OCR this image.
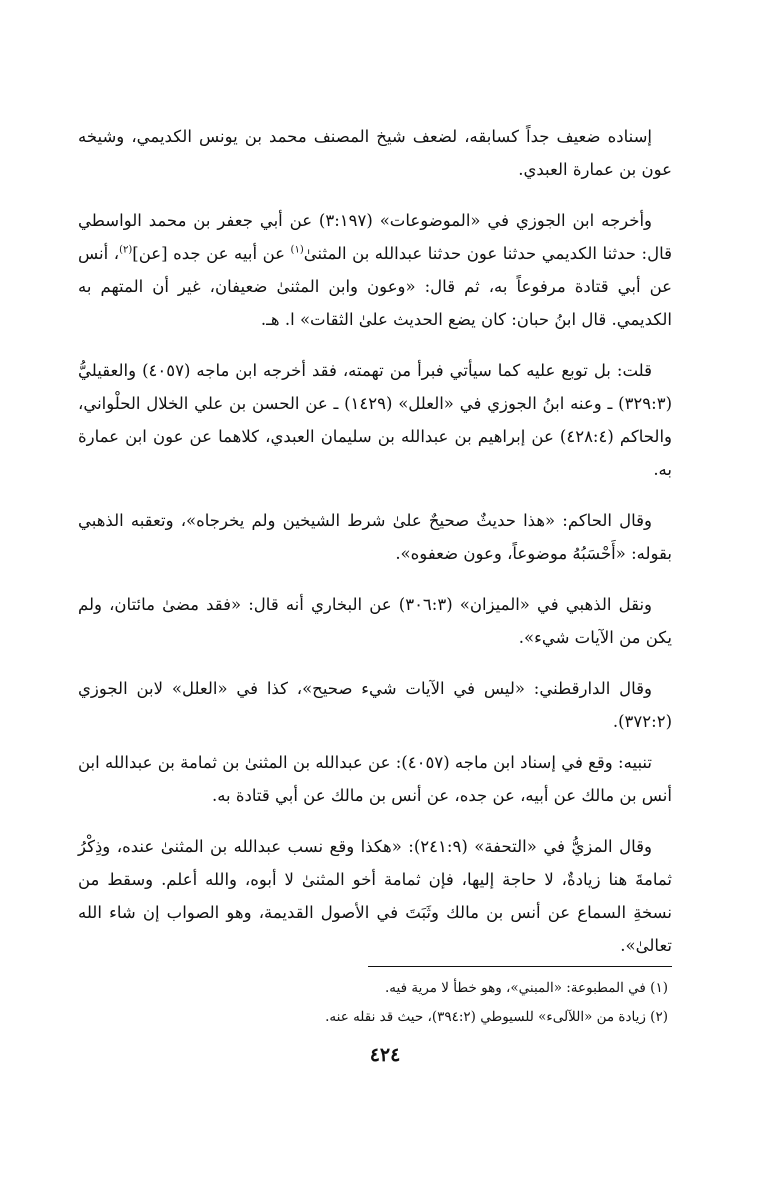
إسناده ضعيف جداً كسابقه، لضعف شيخ المصنف محمد بن يونس الكديمي، وشيخه عون بن عمارة العبدي.

وأخرجه ابن الجوزي في «الموضوعات» (٣:١٩٧) عن أبي جعفر بن محمد الواسطي قال: حدثنا الكديمي حدثنا عون حدثنا عبدالله بن المثنىٰ$^{(١)}$ عن أبيه عن جده [عن]$^{(٢)}$، أنس عن أبي قتادة مرفوعاً به، ثم قال: «وعون وابن المثنىٰ ضعيفان، غير أن المتهم به الكديمي. قال ابنُ حبان: كان يضع الحديث علىٰ الثقات» ا. هـ.

قلت: بل توبع عليه كما سيأتي فبرأ من تهمته، فقد أخرجه ابن ماجه (٤٠٥٧) والعقيليُّ (٣٢٩:٣) ـ وعنه ابنُ الجوزي في «العلل» (١٤٢٩) ـ عن الحسن بن علي الخلال الحلْواني، والحاكم (٤٢٨:٤) عن إبراهيم بن عبدالله بن سليمان العبدي، كلاهما عن عون ابن عمارة به.

وقال الحاكم: «هذا حديثٌ صحيحٌ علىٰ شرط الشيخين ولم يخرجاه»، وتعقبه الذهبي بقوله: «أَحْسَبُهُ موضوعاً، وعون ضعفوه».

ونقل الذهبي في «الميزان» (٣٠٦:٣) عن البخاري أنه قال: «فقد مضىٰ مائتان، ولم يكن من الآيات شيء».

وقال الدارقطني: «ليس في الآيات شيء صحيح»، كذا في «العلل» لابن الجوزي (٣٧٢:٢).

تنبيه: وقع في إسناد ابن ماجه (٤٠٥٧): عن عبدالله بن المثنىٰ بن ثمامة بن عبدالله ابن أنس بن مالك عن أبيه، عن جده، عن أنس بن مالك عن أبي قتادة به.

وقال المزيُّ في «التحفة» (٢٤١:٩): «هكذا وقع نسب عبدالله بن المثنىٰ عنده، وذِكْرُ ثمامةَ هنا زيادةٌ، لا حاجة إليها، فإن ثمامة أخو المثنىٰ لا أبوه، والله أعلم. وسقط من نسخةِ السماع عن أنس بن مالك وثَبَتَ في الأصول القديمة، وهو الصواب إن شاء الله تعالىٰ».

(١) في المطبوعة: «المبني»، وهو خطأ لا مرية فيه.

(٢) زيادة من «اللآلىء» للسيوطي (٣٩٤:٢)، حيث قد نقله عنه.

٤٢٤
